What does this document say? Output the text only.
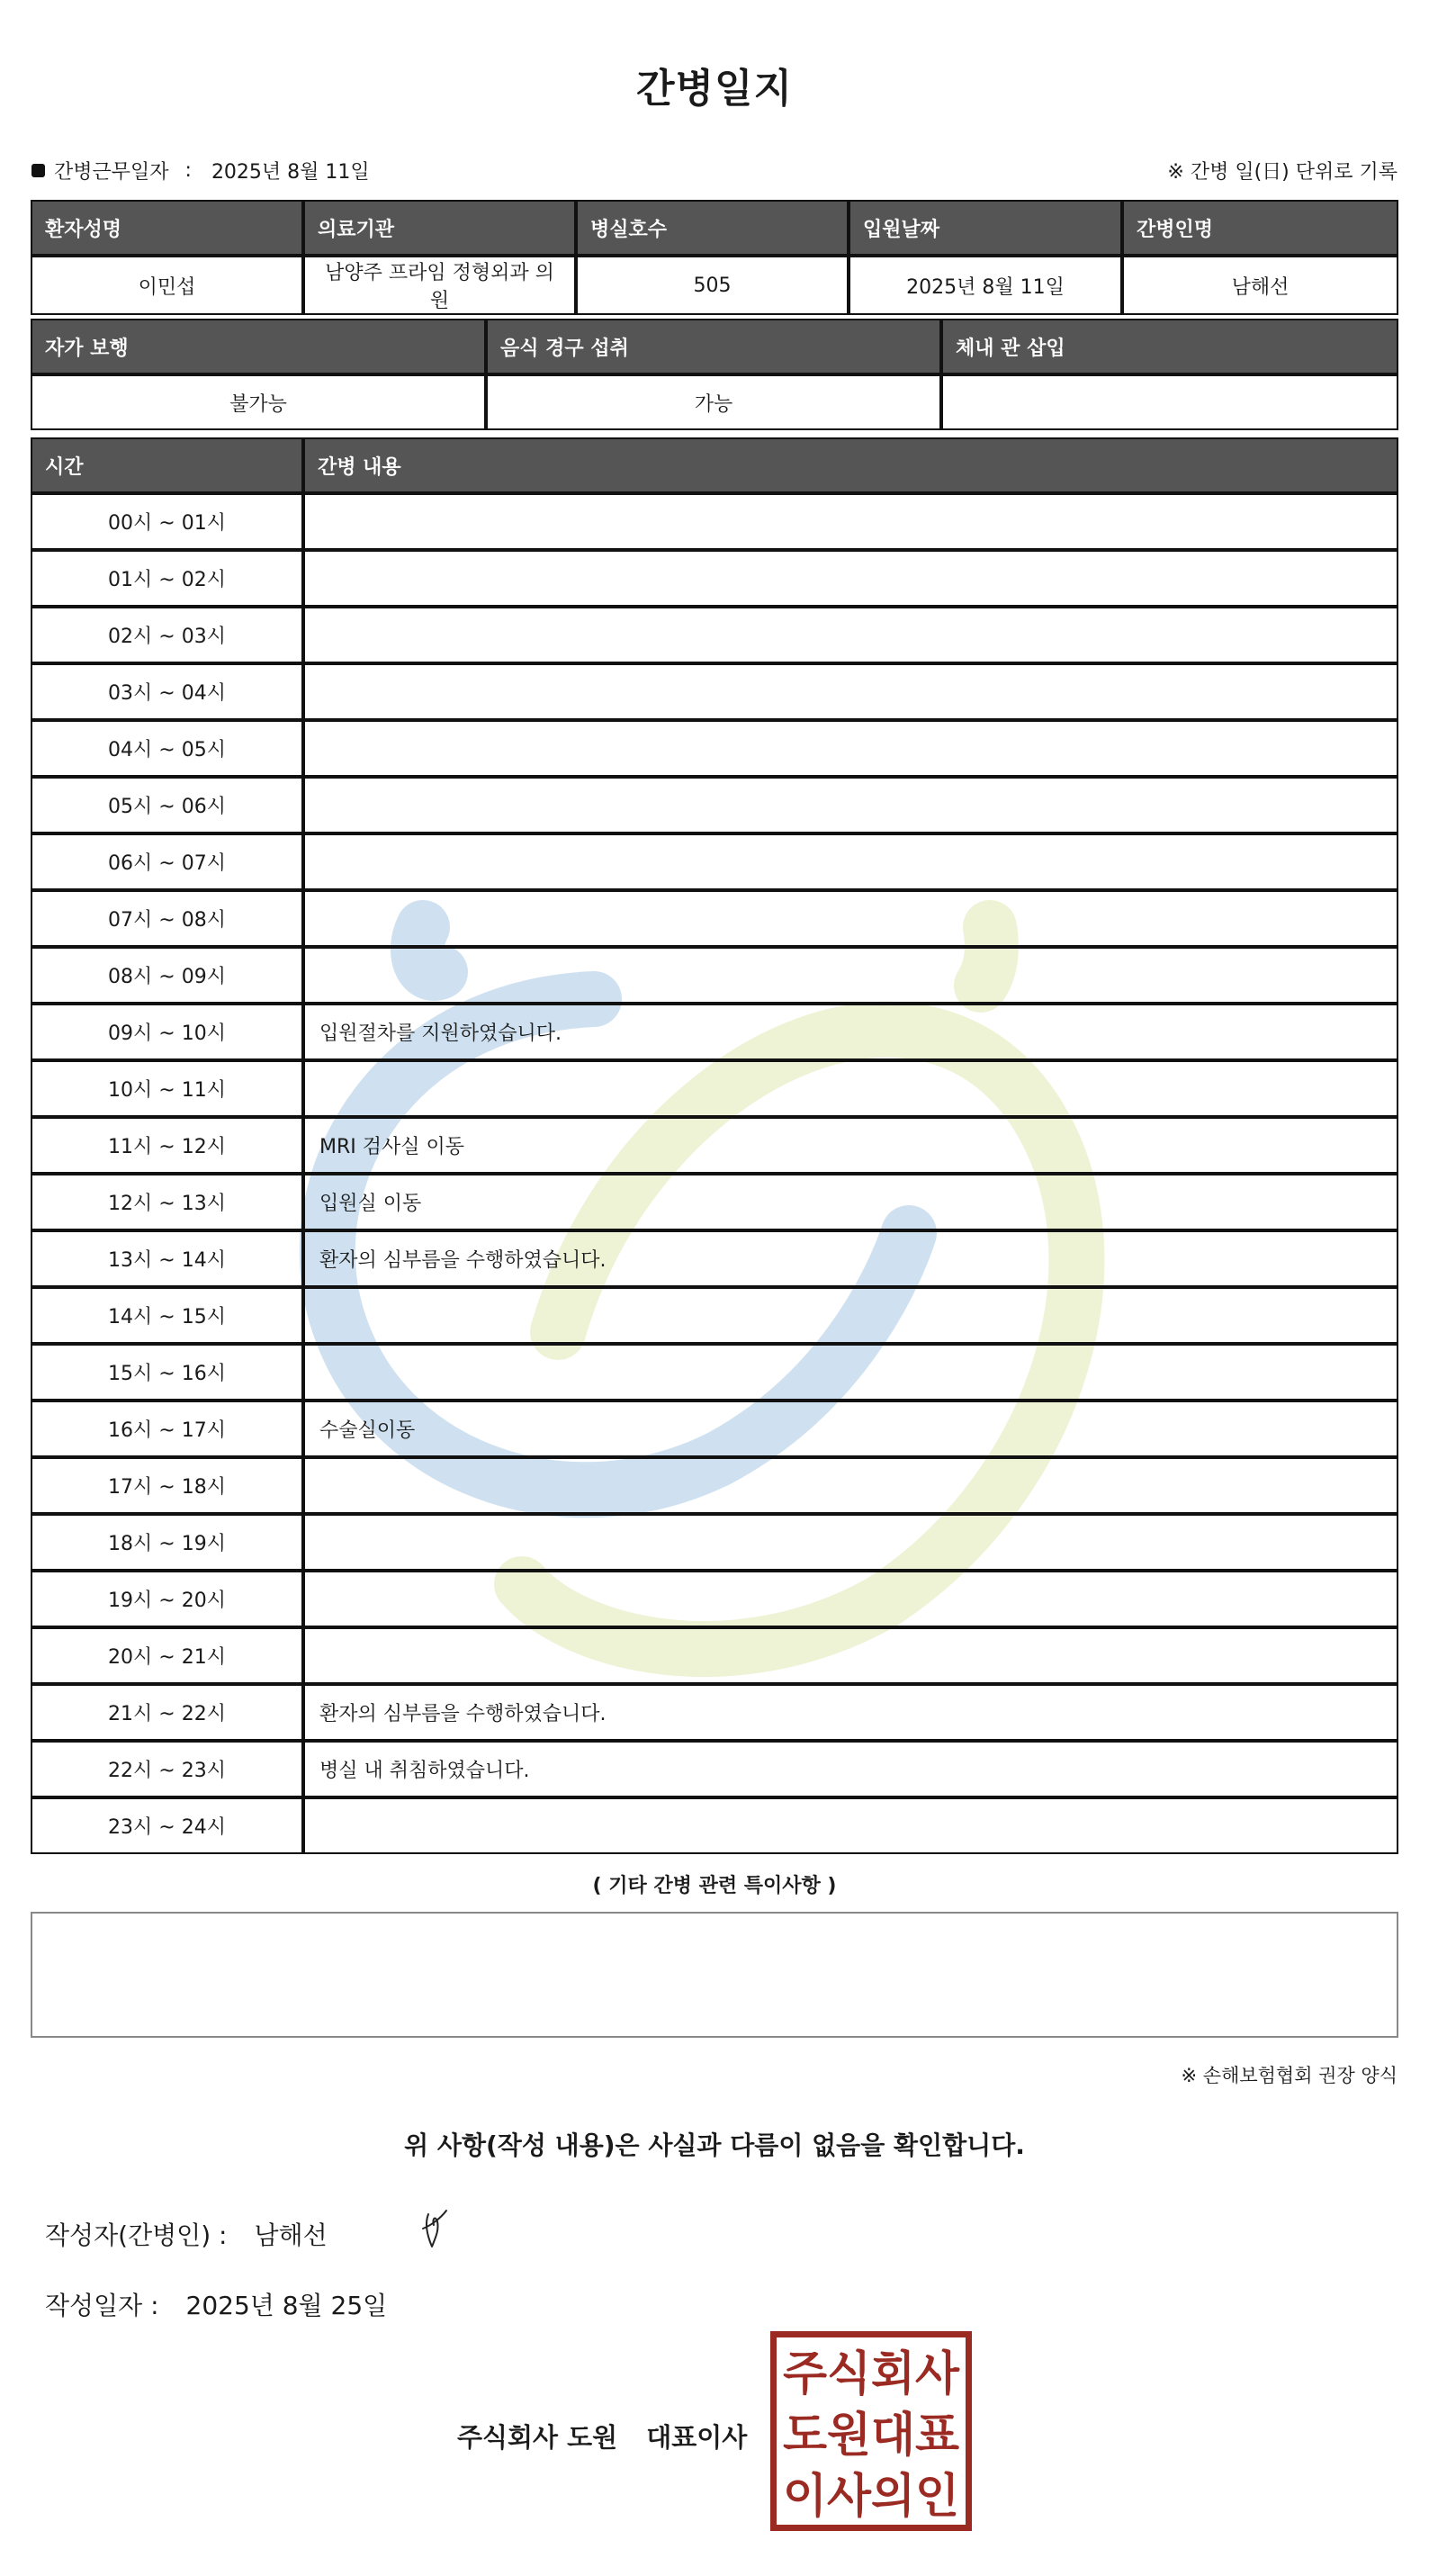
간병일지
간병근무일자 : 2025년 8월 11일	※ 간병 일(日) 단위로 기록
환자성명	의료기관	병실호수	입원날짜	간병인명
이민섭	남양주 프라임 정형외과 의원	505	2025년 8월 11일	남해선
자가 보행	음식 경구 섭취	체내 관 삽입
불가능	가능	
시간	간병 내용
00시 ~ 01시	
01시 ~ 02시	
02시 ~ 03시	
03시 ~ 04시	
04시 ~ 05시	
05시 ~ 06시	
06시 ~ 07시	
07시 ~ 08시	
08시 ~ 09시	
09시 ~ 10시	입원절차를 지원하였습니다.
10시 ~ 11시	
11시 ~ 12시	MRI 검사실 이동
12시 ~ 13시	입원실 이동
13시 ~ 14시	환자의 심부름을 수행하였습니다.
14시 ~ 15시	
15시 ~ 16시	
16시 ~ 17시	수술실이동
17시 ~ 18시	
18시 ~ 19시	
19시 ~ 20시	
20시 ~ 21시	
21시 ~ 22시	환자의 심부름을 수행하였습니다.
22시 ~ 23시	병실 내 취침하였습니다.
23시 ~ 24시	
( 기타 간병 관련 특이사항 )
※ 손해보험협회 권장 양식
위 사항(작성 내용)은 사실과 다름이 없음을 확인합니다.
작성자(간병인) : 남해선
작성일자 : 2025년 8월 25일
주식회사 도원 대표이사
주식회사
도원대표
이사의인
